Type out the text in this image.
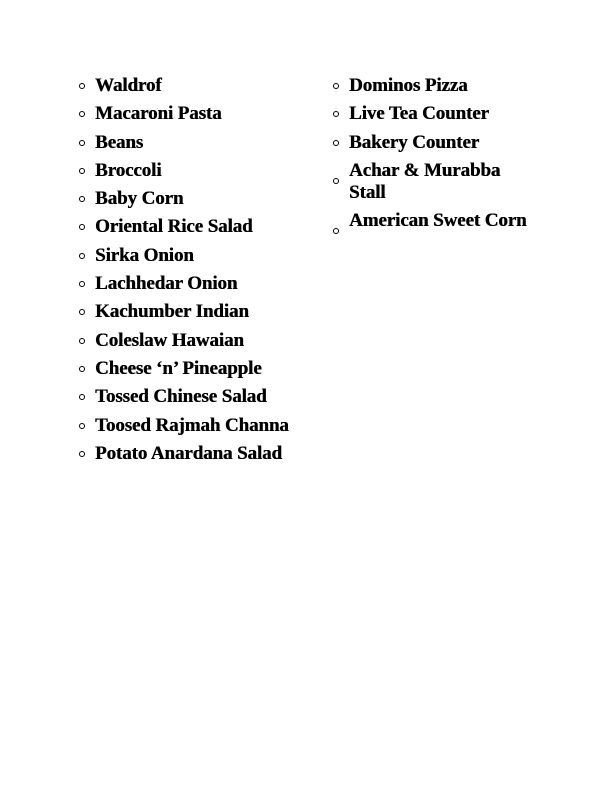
Waldrof
Macaroni Pasta
Beans
Broccoli
Baby Corn
Oriental Rice Salad
Sirka Onion
Lachhedar Onion
Kachumber Indian
Coleslaw Hawaian
Cheese ‘n’ Pineapple
Tossed Chinese Salad
Toosed Rajmah Channa
Potato Anardana Salad
Dominos Pizza
Live Tea Counter
Bakery Counter
Achar & Murabba Stall
American Sweet Corn
